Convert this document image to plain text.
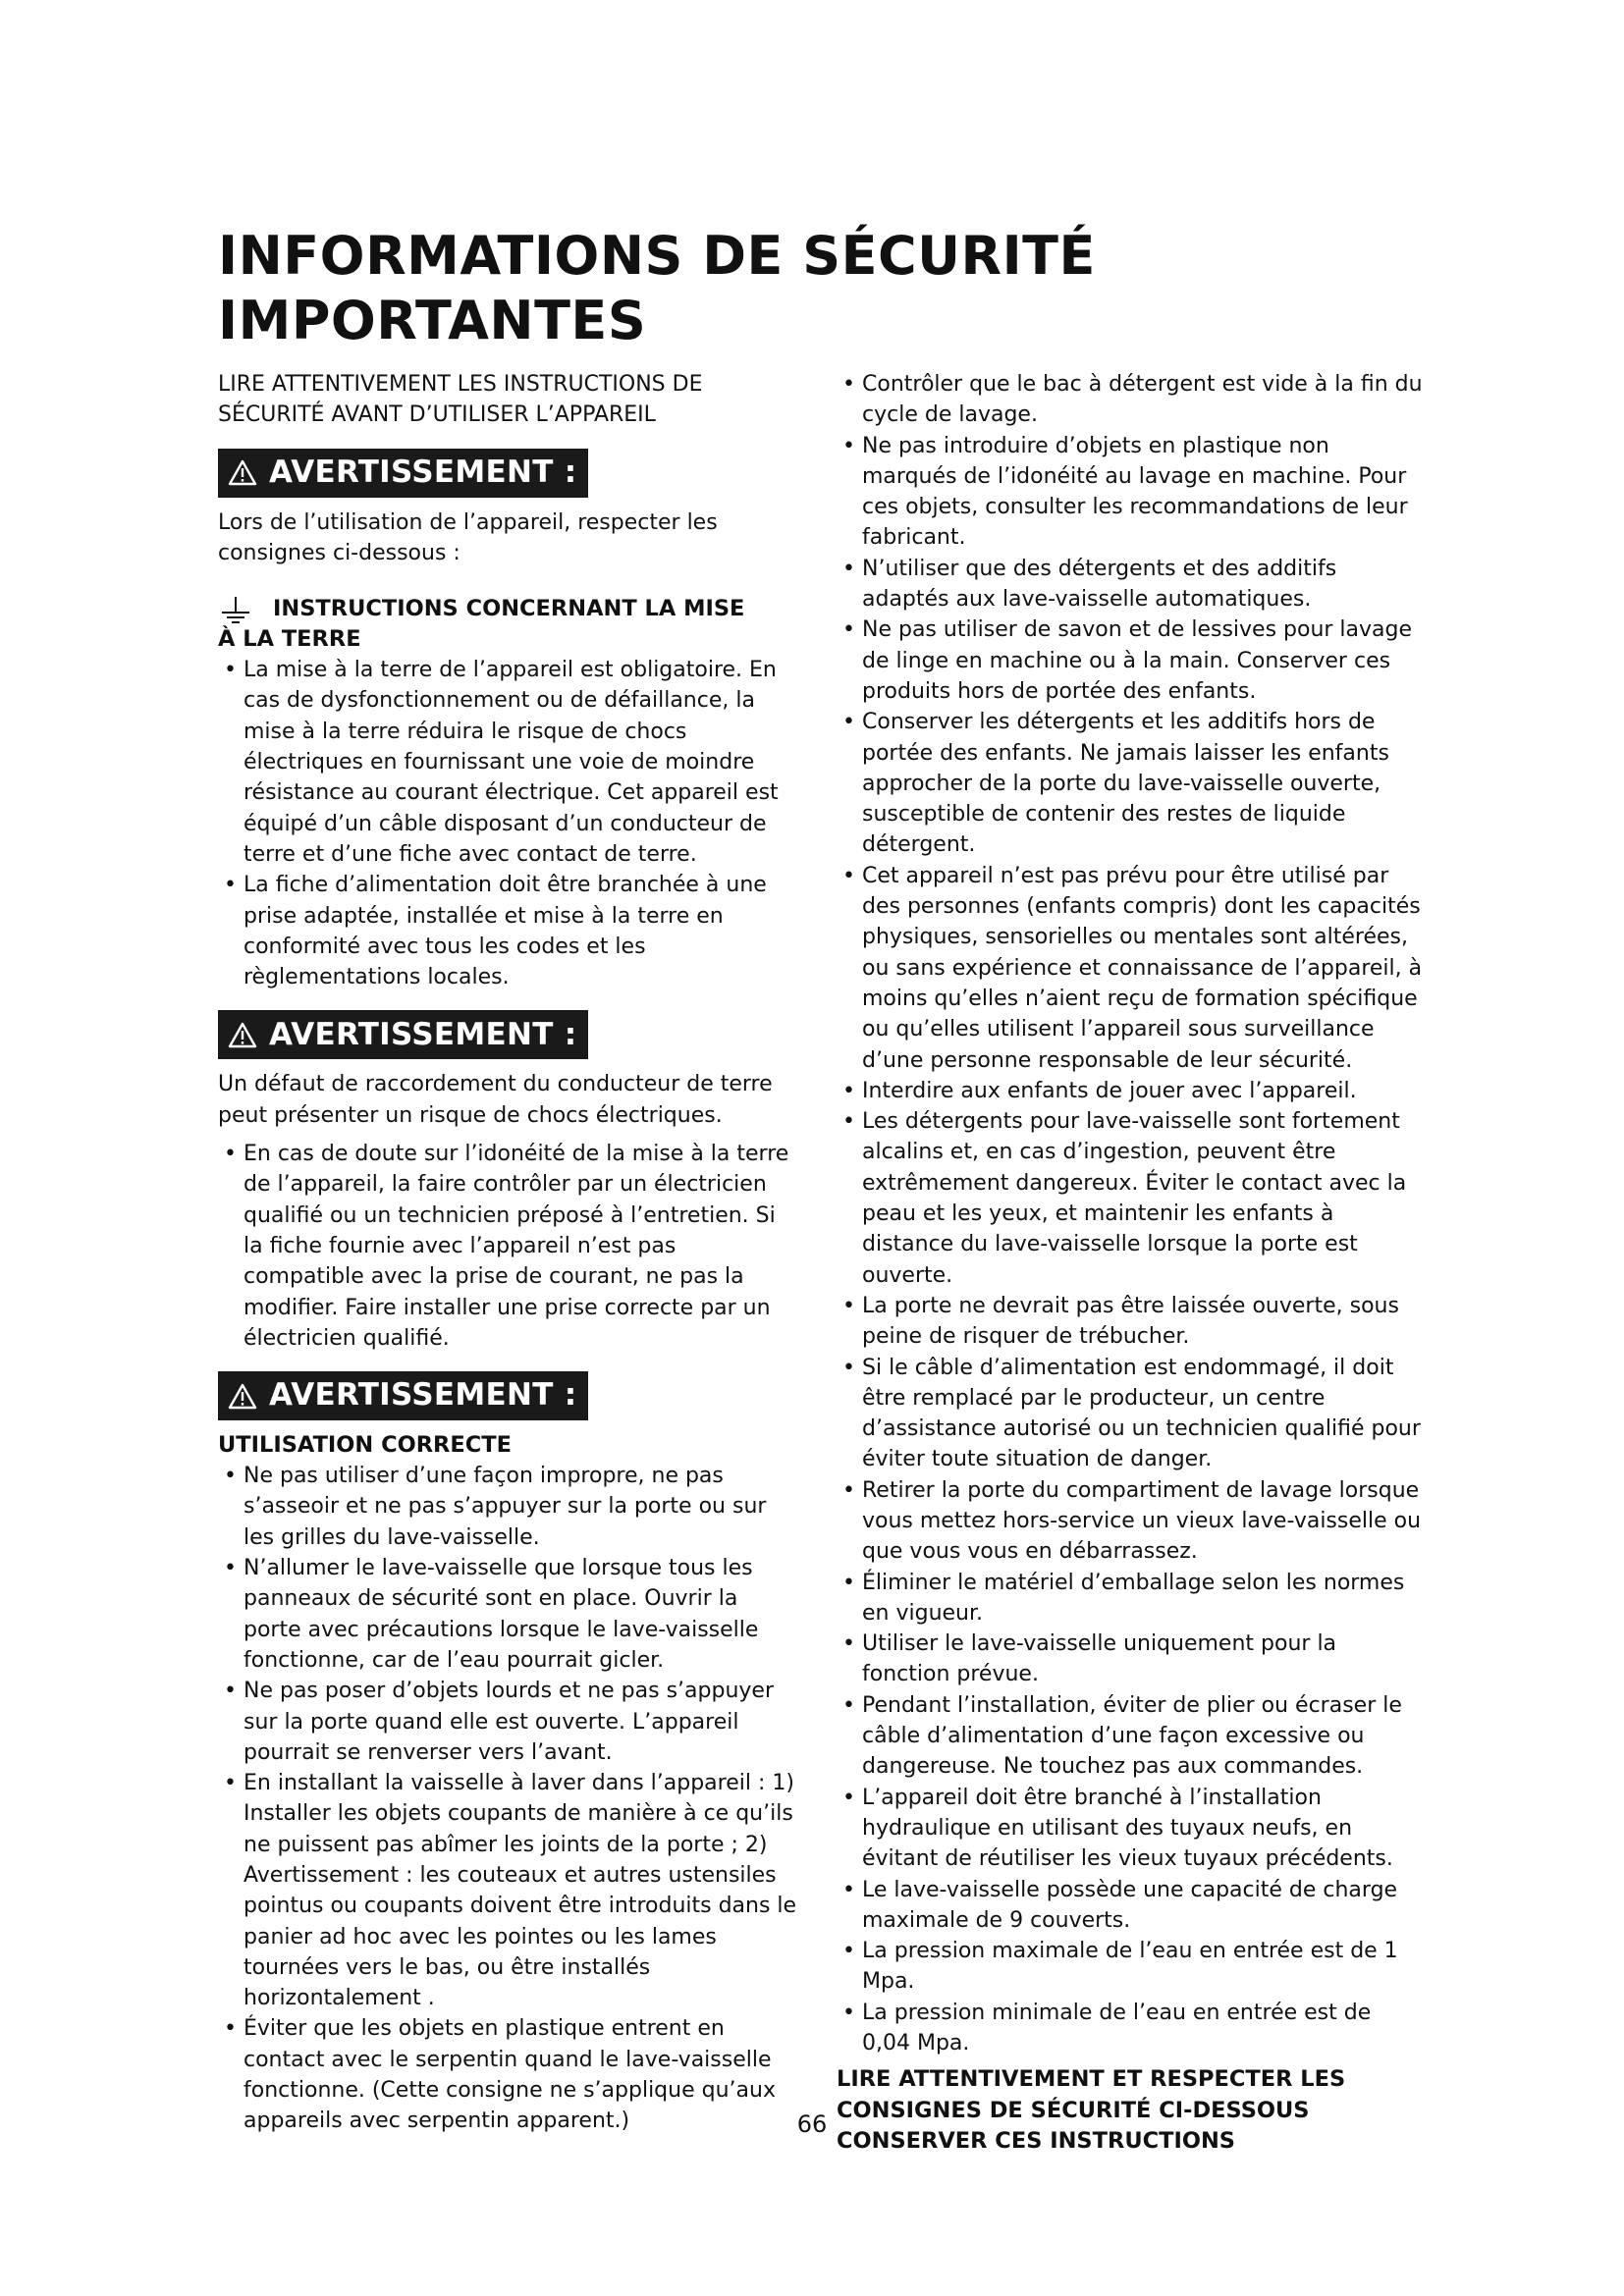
INFORMATIONS DE SÉCURITÉ
IMPORTANTES
LIRE ATTENTIVEMENT LES INSTRUCTIONS DE
SÉCURITÉ AVANT D’UTILISER L’APPAREIL
AVERTISSEMENT :
Lors de l’utilisation de l’appareil, respecter les consignes ci-dessous :
INSTRUCTIONS CONCERNANT LA MISE
À LA TERRE
• La mise à la terre de l’appareil est obligatoire. En cas de dysfonctionnement ou de défaillance, la mise à la terre réduira le risque de chocs électriques en fournissant une voie de moindre résistance au courant électrique. Cet appareil est équipé d’un câble disposant d’un conducteur de terre et d’une fiche avec contact de terre.
• La fiche d’alimentation doit être branchée à une prise adaptée, installée et mise à la terre en conformité avec tous les codes et les règlementations locales.
AVERTISSEMENT :
Un défaut de raccordement du conducteur de terre peut présenter un risque de chocs électriques.
• En cas de doute sur l’idonéité de la mise à la terre de l’appareil, la faire contrôler par un électricien qualifié ou un technicien préposé à l’entretien. Si la fiche fournie avec l’appareil n’est pas compatible avec la prise de courant, ne pas la modifier. Faire installer une prise correcte par un électricien qualifié.
AVERTISSEMENT :
UTILISATION CORRECTE
• Ne pas utiliser d’une façon impropre, ne pas s’asseoir et ne pas s’appuyer sur la porte ou sur les grilles du lave-vaisselle.
• N’allumer le lave-vaisselle que lorsque tous les panneaux de sécurité sont en place. Ouvrir la porte avec précautions lorsque le lave-vaisselle fonctionne, car de l’eau pourrait gicler.
• Ne pas poser d’objets lourds et ne pas s’appuyer sur la porte quand elle est ouverte. L’appareil pourrait se renverser vers l’avant.
• En installant la vaisselle à laver dans l’appareil : 1) Installer les objets coupants de manière à ce qu’ils ne puissent pas abîmer les joints de la porte ; 2) Avertissement : les couteaux et autres ustensiles pointus ou coupants doivent être introduits dans le panier ad hoc avec les pointes ou les lames tournées vers le bas, ou être installés horizontalement .
• Éviter que les objets en plastique entrent en contact avec le serpentin quand le lave-vaisselle fonctionne. (Cette consigne ne s’applique qu’aux appareils avec serpentin apparent.)
• Contrôler que le bac à détergent est vide à la fin du cycle de lavage.
• Ne pas introduire d’objets en plastique non marqués de l’idonéité au lavage en machine. Pour ces objets, consulter les recommandations de leur fabricant.
• N’utiliser que des détergents et des additifs adaptés aux lave-vaisselle automatiques.
• Ne pas utiliser de savon et de lessives pour lavage de linge en machine ou à la main. Conserver ces produits hors de portée des enfants.
• Conserver les détergents et les additifs hors de portée des enfants. Ne jamais laisser les enfants approcher de la porte du lave-vaisselle ouverte, susceptible de contenir des restes de liquide détergent.
• Cet appareil n’est pas prévu pour être utilisé par des personnes (enfants compris) dont les capacités physiques, sensorielles ou mentales sont altérées, ou sans expérience et connaissance de l’appareil, à moins qu’elles n’aient reçu de formation spécifique ou qu’elles utilisent l’appareil sous surveillance d’une personne responsable de leur sécurité.
• Interdire aux enfants de jouer avec l’appareil.
• Les détergents pour lave-vaisselle sont fortement alcalins et, en cas d’ingestion, peuvent être extrêmement dangereux. Éviter le contact avec la peau et les yeux, et maintenir les enfants à distance du lave-vaisselle lorsque la porte est ouverte.
• La porte ne devrait pas être laissée ouverte, sous peine de risquer de trébucher.
• Si le câble d’alimentation est endommagé, il doit être remplacé par le producteur, un centre d’assistance autorisé ou un technicien qualifié pour éviter toute situation de danger.
• Retirer la porte du compartiment de lavage lorsque vous mettez hors-service un vieux lave-vaisselle ou que vous vous en débarrassez.
• Éliminer le matériel d’emballage selon les normes en vigueur.
• Utiliser le lave-vaisselle uniquement pour la fonction prévue.
• Pendant l’installation, éviter de plier ou écraser le câble d’alimentation d’une façon excessive ou dangereuse. Ne touchez pas aux commandes.
• L’appareil doit être branché à l’installation hydraulique en utilisant des tuyaux neufs, en évitant de réutiliser les vieux tuyaux précédents.
• Le lave-vaisselle possède une capacité de charge maximale de 9 couverts.
• La pression maximale de l’eau en entrée est de 1 Mpa.
• La pression minimale de l’eau en entrée est de 0,04 Mpa.
LIRE ATTENTIVEMENT ET RESPECTER LES
CONSIGNES DE SÉCURITÉ CI-DESSOUS
CONSERVER CES INSTRUCTIONS
66
